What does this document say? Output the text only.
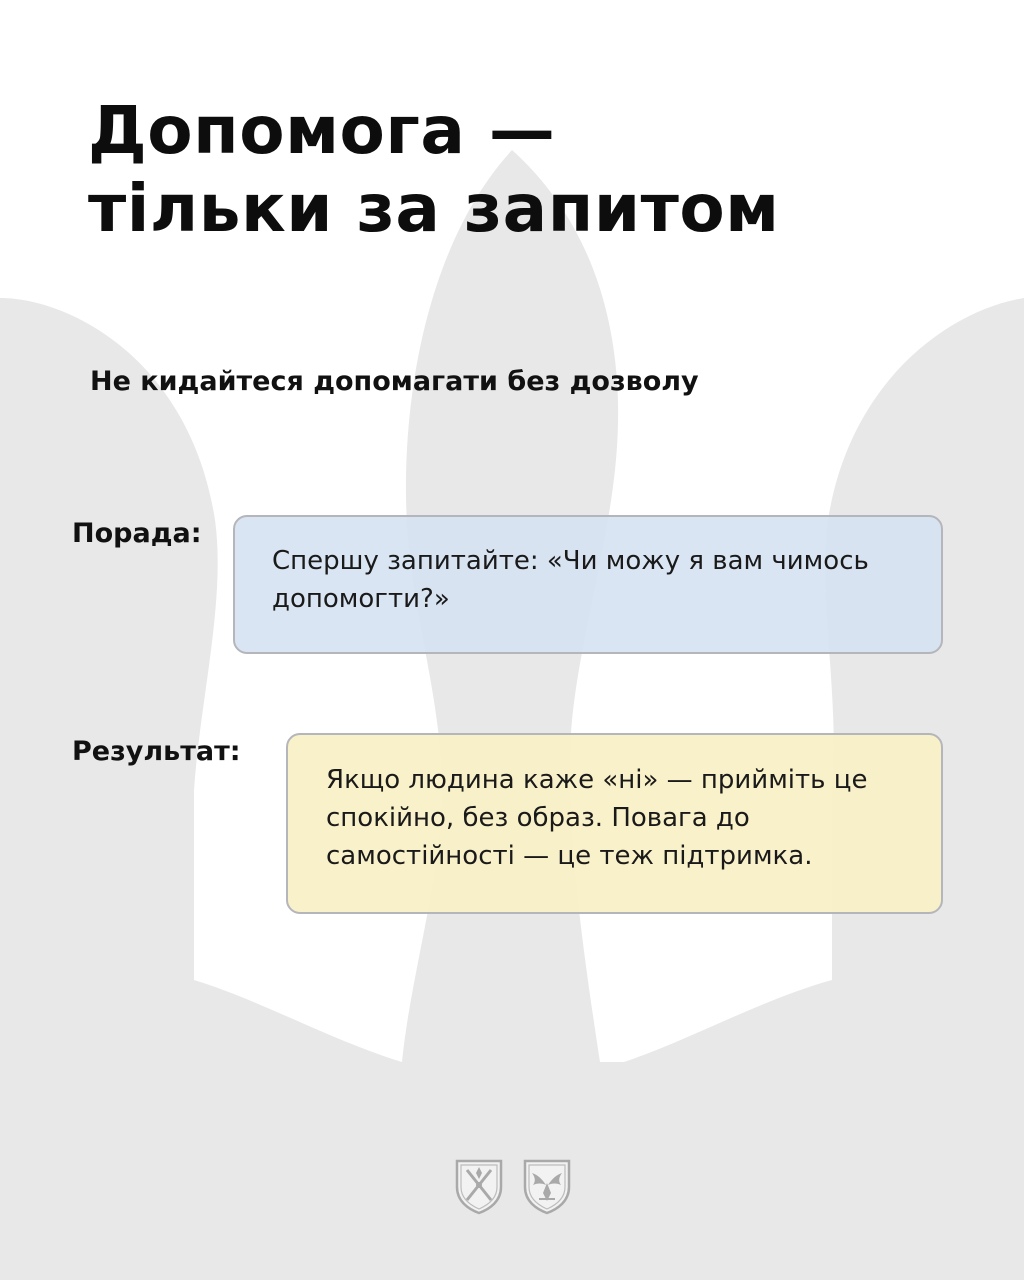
Допомога —
тільки за запитом

Не кидайтеся допомагати без дозволу

Порада:
Спершу запитайте: «Чи можу я вам чимось допомогти?»
Результат:
Якщо людина каже «ні» — прийміть це спокійно, без образ. Повага до самостійності — це теж підтримка.
